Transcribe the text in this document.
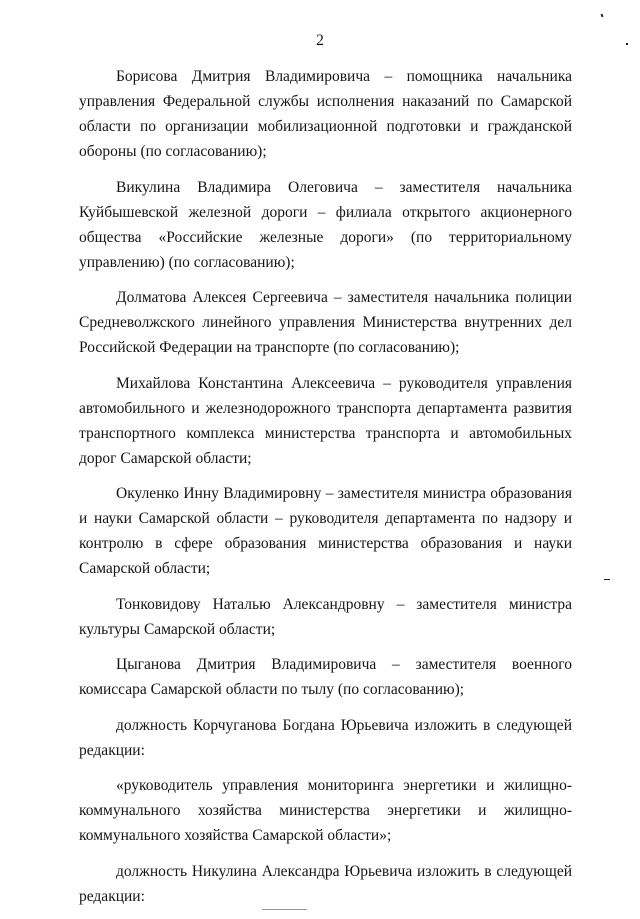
2
Борисова Дмитрия Владимировича – помощника начальника
управления Федеральной службы исполнения наказаний по Самарской
области по организации мобилизационной подготовки и гражданской
обороны (по согласованию);
Викулина Владимира Олеговича – заместителя начальника
Куйбышевской железной дороги – филиала открытого акционерного
общества «Российские железные дороги» (по территориальному
управлению) (по согласованию);
Долматова Алексея Сергеевича – заместителя начальника полиции
Средневолжского линейного управления Министерства внутренних дел
Российской Федерации на транспорте (по согласованию);
Михайлова Константина Алексеевича – руководителя управления
автомобильного и железнодорожного транспорта департамента развития
транспортного комплекса министерства транспорта и автомобильных
дорог Самарской области;
Окуленко Инну Владимировну – заместителя министра образования
и науки Самарской области – руководителя департамента по надзору и
контролю в сфере образования министерства образования и науки
Самарской области;
Тонковидову Наталью Александровну – заместителя министра
культуры Самарской области;
Цыганова Дмитрия Владимировича – заместителя военного
комиссара Самарской области по тылу (по согласованию);
должность Корчуганова Богдана Юрьевича изложить в следующей
редакции:
«руководитель управления мониторинга энергетики и жилищно-
коммунального хозяйства министерства энергетики и жилищно-
коммунального хозяйства Самарской области»;
должность Никулина Александра Юрьевича изложить в следующей
редакции:
